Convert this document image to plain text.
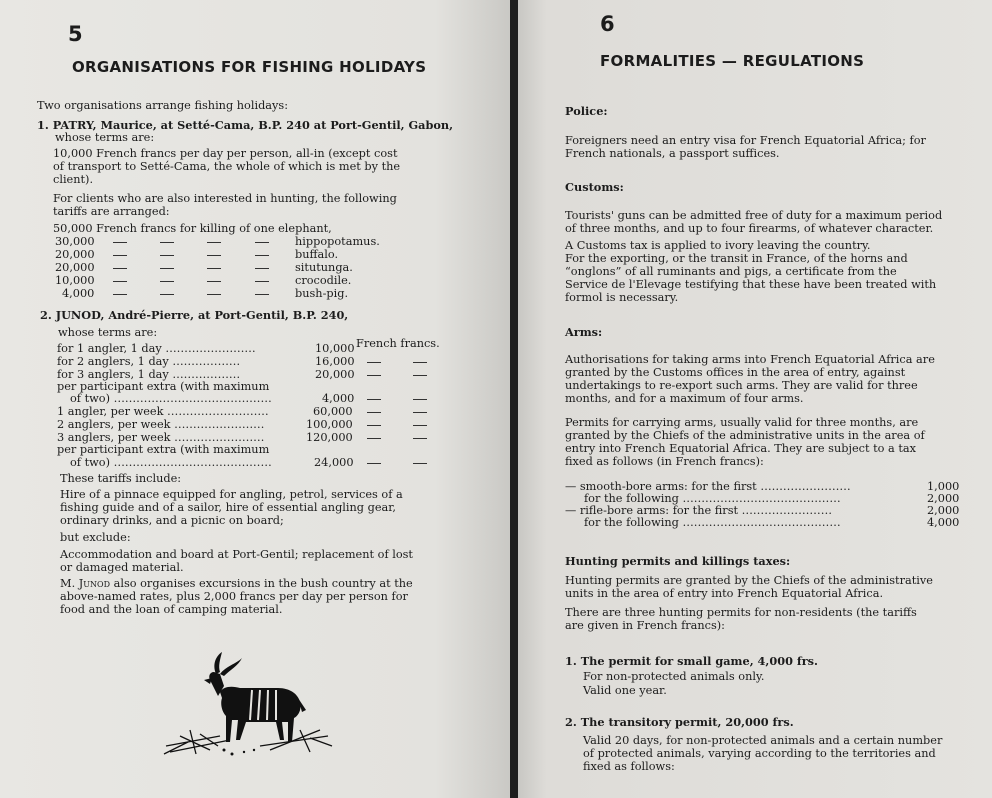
5
ORGANISATIONS FOR FISHING HOLIDAYS
Two organisations arrange fishing holidays:
1. PATRY, Maurice, at Setté-Cama, B.P. 240 at Port-Gentil, Gabon,
whose terms are:
10,000 French francs per day per person, all-in (except cost
of transport to Setté-Cama, the whole of which is met by the
client).
For clients who are also interested in hunting, the following
tariffs are arranged:
50,000 French francs for killing of one elephant,
30,000	hippopotamus.
20,000	buffalo.
20,000	situtunga.
10,000	crocodile.
4,000	bush-pig.
2. JUNOD, André-Pierre, at Port-Gentil, B.P. 240,
whose terms are:
French francs.
for 1 angler, 1 day ……………………	10,000
for 2 anglers, 1 day ………………	16,000
for 3 anglers, 1 day ………………	20,000
per participant extra (with maximum
of two) ……………………………………	4,000
1 angler, per week ………………………	60,000
2 anglers, per week ……………………	100,000
3 anglers, per week ……………………	120,000
per participant extra (with maximum
of two) ……………………………………	24,000
These tariffs include:
Hire of a pinnace equipped for angling, petrol, services of a
fishing guide and of a sailor, hire of essential angling gear,
ordinary drinks, and a picnic on board;
but exclude:
Accommodation and board at Port-Gentil; replacement of lost
or damaged material.
M. Junod also organises excursions in the bush country at the
above-named rates, plus 2,000 francs per day per person for
food and the loan of camping material.
6
FORMALITIES — REGULATIONS
Police:
Foreigners need an entry visa for French Equatorial Africa; for
French nationals, a passport suffices.
Customs:
Tourists' guns can be admitted free of duty for a maximum period
of three months, and up to four firearms, of whatever character.
A Customs tax is applied to ivory leaving the country.
For the exporting, or the transit in France, of the horns and
“onglons” of all ruminants and pigs, a certificate from the
Service de l'Elevage testifying that these have been treated with
formol is necessary.
Arms:
Authorisations for taking arms into French Equatorial Africa are
granted by the Customs offices in the area of entry, against
undertakings to re-export such arms. They are valid for three
months, and for a maximum of four arms.
Permits for carrying arms, usually valid for three months, are
granted by the Chiefs of the administrative units in the area of
entry into French Equatorial Africa. They are subject to a tax
fixed as follows (in French francs):
— smooth-bore arms: for the first ……………………	1,000
for the following ……………………………………	2,000
— rifle-bore arms: for the first ……………………	2,000
for the following ……………………………………	4,000
Hunting permits and killings taxes:
Hunting permits are granted by the Chiefs of the administrative
units in the area of entry into French Equatorial Africa.
There are three hunting permits for non-residents (the tariffs
are given in French francs):
1. The permit for small game, 4,000 frs.
For non-protected animals only.
Valid one year.
2. The transitory permit, 20,000 frs.
Valid 20 days, for non-protected animals and a certain number
of protected animals, varying according to the territories and
fixed as follows:
